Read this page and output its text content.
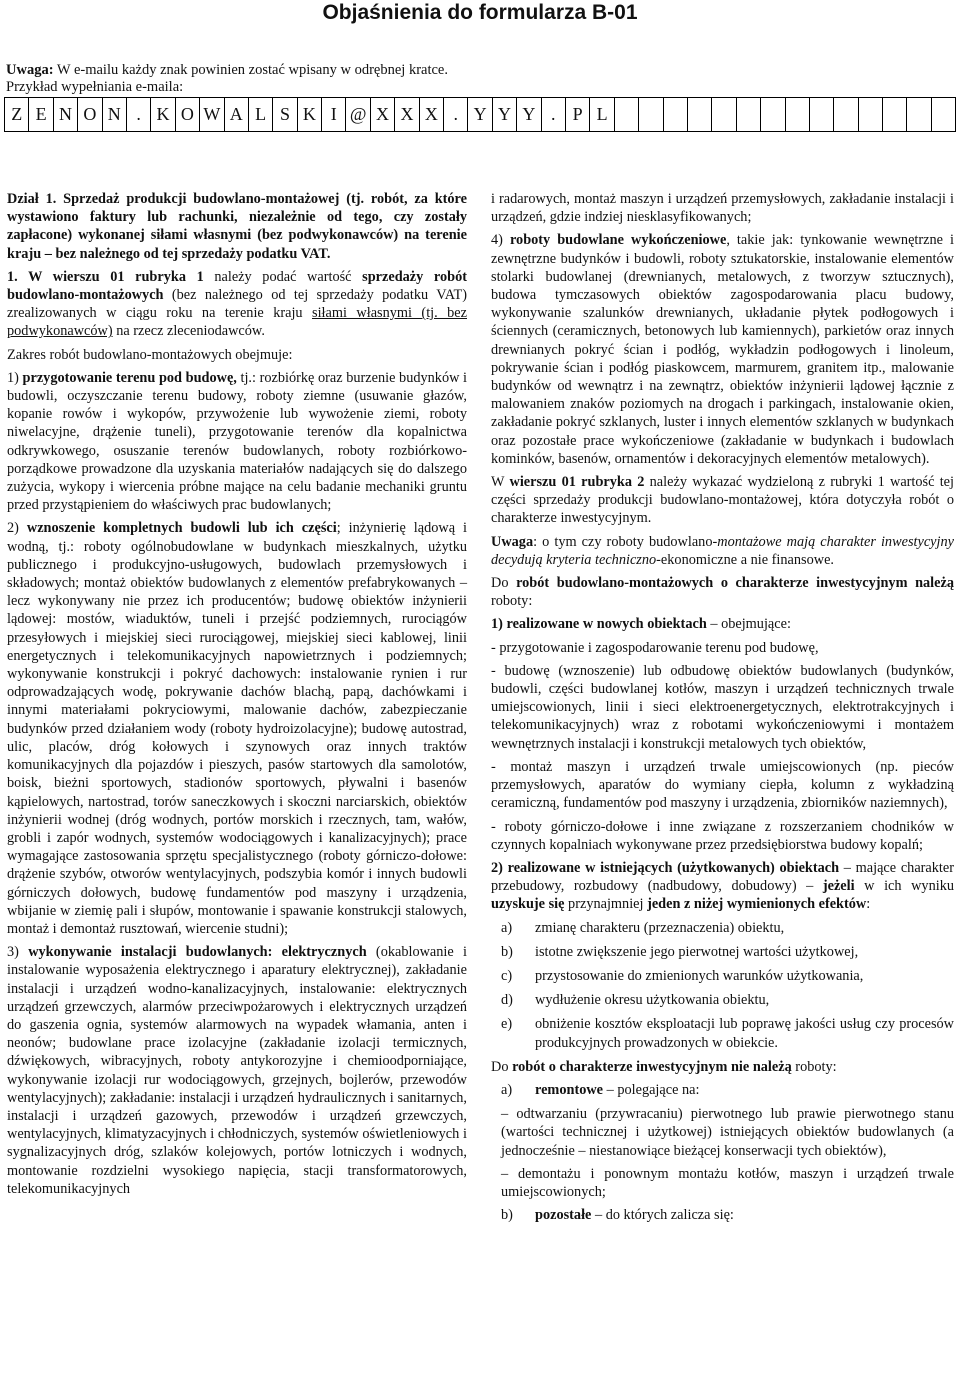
Objaśnienia do formularza B-01
Uwaga: W e-mailu każdy znak powinien zostać wpisany w odrębnej kratce.
Przykład wypełniania e-maila:
Z E N O N . K O W A L S K I @ X X X . Y Y Y . P L

Dział 1. Sprzedaż produkcji budowlano-montażowej (tj. robót, za które wystawiono faktury lub rachunki, niezależnie od tego, czy zostały zapłacone) wykonanej siłami własnymi (bez podwykonawców) na terenie kraju – bez należnego od tej sprzedaży podatku VAT.

1. W wierszu 01 rubryka 1 należy podać wartość sprzedaży robót budowlano-montażowych (bez należnego od tej sprzedaży podatku VAT) zrealizowanych w ciągu roku na terenie kraju siłami własnymi (tj. bez podwykonawców) na rzecz zleceniodawców.

Zakres robót budowlano-montażowych obejmuje:

1) przygotowanie terenu pod budowę, tj.: rozbiórkę oraz burzenie budynków i budowli, oczyszczanie terenu budowy, roboty ziemne (usuwanie głazów, kopanie rowów i wykopów, przywożenie lub wywożenie ziemi, roboty niwelacyjne, drążenie tuneli), przygotowanie terenów dla kopalnictwa odkrywkowego, osuszanie terenów budowlanych, roboty rozbiórkowo-porządkowe prowadzone dla uzyskania materiałów nadających się do dalszego zużycia, wykopy i wiercenia próbne mające na celu badanie mechaniki gruntu przed przystąpieniem do właściwych prac budowlanych;

2) wznoszenie kompletnych budowli lub ich części; inżynierię lądową i wodną, tj.: roboty ogólnobudowlane w budynkach mieszkalnych, użytku publicznego i produkcyjno-usługowych, budowlach przemysłowych i składowych; montaż obiektów budowlanych z elementów prefabrykowanych – lecz wykonywany nie przez ich producentów; budowę obiektów inżynierii lądowej: mostów, wiaduktów, tuneli i przejść podziemnych, rurociągów przesyłowych i miejskiej sieci rurociągowej, miejskiej sieci kablowej, linii energetycznych i telekomunikacyjnych napowietrznych i podziemnych; wykonywanie konstrukcji i pokryć dachowych: instalowanie rynien i rur odprowadzających wodę, pokrywanie dachów blachą, papą, dachówkami i innymi materiałami pokryciowymi, malowanie dachów, zabezpieczanie budynków przed działaniem wody (roboty hydroizolacyjne); budowę autostrad, ulic, placów, dróg kołowych i szynowych oraz innych traktów komunikacyjnych dla pojazdów i pieszych, pasów startowych dla samolotów, boisk, bieżni sportowych, stadionów sportowych, pływalni i basenów kąpielowych, nartostrad, torów saneczkowych i skoczni narciarskich, obiektów inżynierii wodnej (dróg wodnych, portów morskich i rzecznych, tam, wałów, grobli i zapór wodnych, systemów wodociągowych i kanalizacyjnych); prace wymagające zastosowania sprzętu specjalistycznego (roboty górniczo-dołowe: drążenie szybów, otworów wentylacyjnych, podszybia komór i innych budowli górniczych dołowych, budowę fundamentów pod maszyny i urządzenia, wbijanie w ziemię pali i słupów, montowanie i spawanie konstrukcji stalowych, montaż i demontaż rusztowań, wiercenie studni);

3) wykonywanie instalacji budowlanych: elektrycznych (okablowanie i instalowanie wyposażenia elektrycznego i aparatury elektrycznej), zakładanie instalacji i urządzeń wodno-kanalizacyjnych, instalowanie: elektrycznych urządzeń grzewczych, alarmów przeciwpożarowych i elektrycznych urządzeń do gaszenia ognia, systemów alarmowych na wypadek włamania, anten i neonów; budowlane prace izolacyjne (zakładanie izolacji termicznych, dźwiękowych, wibracyjnych, roboty antykorozyjne i chemioodporniające, wykonywanie izolacji rur wodociągowych, grzejnych, bojlerów, przewodów wentylacyjnych); zakładanie: instalacji i urządzeń hydraulicznych i sanitarnych, instalacji i urządzeń gazowych, przewodów i urządzeń grzewczych, wentylacyjnych, klimatyzacyjnych i chłodniczych, systemów oświetleniowych i sygnalizacyjnych dróg, szlaków kolejowych, portów lotniczych i wodnych, montowanie rozdzielni wysokiego napięcia, stacji transformatorowych, telekomunikacyjnych

i radarowych, montaż maszyn i urządzeń przemysłowych, zakładanie instalacji i urządzeń, gdzie indziej niesklasyfikowanych;

4) roboty budowlane wykończeniowe, takie jak: tynkowanie wewnętrzne i zewnętrzne budynków i budowli, roboty sztukatorskie, instalowanie elementów stolarki budowlanej (drewnianych, metalowych, z tworzyw sztucznych), budowa tymczasowych obiektów zagospodarowania placu budowy, wykonywanie szalunków drewnianych, układanie płytek podłogowych i ściennych (ceramicznych, betonowych lub kamiennych), parkietów oraz innych drewnianych pokryć ścian i podłóg, wykładzin podłogowych i linoleum, pokrywanie ścian i podłóg piaskowcem, marmurem, granitem itp., malowanie budynków od wewnątrz i na zewnątrz, obiektów inżynierii lądowej łącznie z malowaniem znaków poziomych na drogach i parkingach, instalowanie okien, zakładanie pokryć szklanych, luster i innych elementów szklanych w budynkach oraz pozostałe prace wykończeniowe (zakładanie w budynkach i budowlach kominków, basenów, ornamentów i dekoracyjnych elementów metalowych).

W wierszu 01 rubryka 2 należy wykazać wydzieloną z rubryki 1 wartość tej części sprzedaży produkcji budowlano-montażowej, która dotyczyła robót o charakterze inwestycyjnym.

Uwaga: o tym czy roboty budowlano-montażowe mają charakter inwestycyjny decydują kryteria techniczno-ekonomiczne a nie finansowe.

Do robót budowlano-montażowych o charakterze inwestycyjnym należą roboty:

1) realizowane w nowych obiektach – obejmujące:

- przygotowanie i zagospodarowanie terenu pod budowę,

- budowę (wznoszenie) lub odbudowę obiektów budowlanych (budynków, budowli, części budowlanej kotłów, maszyn i urządzeń technicznych trwale umiejscowionych, linii i sieci elektroenergetycznych, elektrotrakcyjnych i telekomunikacyjnych) wraz z robotami wykończeniowymi i montażem wewnętrznych instalacji i konstrukcji metalowych tych obiektów,

- montaż maszyn i urządzeń trwale umiejscowionych (np. pieców przemysłowych, aparatów do wymiany ciepła, kolumn z wykładziną ceramiczną, fundamentów pod maszyny i urządzenia, zbiorników naziemnych),

- roboty górniczo-dołowe i inne związane z rozszerzaniem chodników w czynnych kopalniach wykonywane przez przedsiębiorstwa budowy kopalń;

2) realizowane w istniejących (użytkowanych) obiektach – mające charakter przebudowy, rozbudowy (nadbudowy, dobudowy) – jeżeli w ich wyniku uzyskuje się przynajmniej jeden z niżej wymienionych efektów:

a)	zmianę charakteru (przeznaczenia) obiektu,
b)	istotne zwiększenie jego pierwotnej wartości użytkowej,
c)	przystosowanie do zmienionych warunków użytkowania,
d)	wydłużenie okresu użytkowania obiektu,
e)	obniżenie kosztów eksploatacji lub poprawę jakości usług czy procesów produkcyjnych prowadzonych w obiekcie.

Do robót o charakterze inwestycyjnym nie należą roboty:

a)	remontowe – polegające na:

– odtwarzaniu (przywracaniu) pierwotnego lub prawie pierwotnego stanu (wartości technicznej i użytkowej) istniejących obiektów budowlanych (a jednocześnie – niestanowiące bieżącej konserwacji tych obiektów),

– demontażu i ponownym montażu kotłów, maszyn i urządzeń trwale umiejscowionych;

b)	pozostałe – do których zalicza się:
